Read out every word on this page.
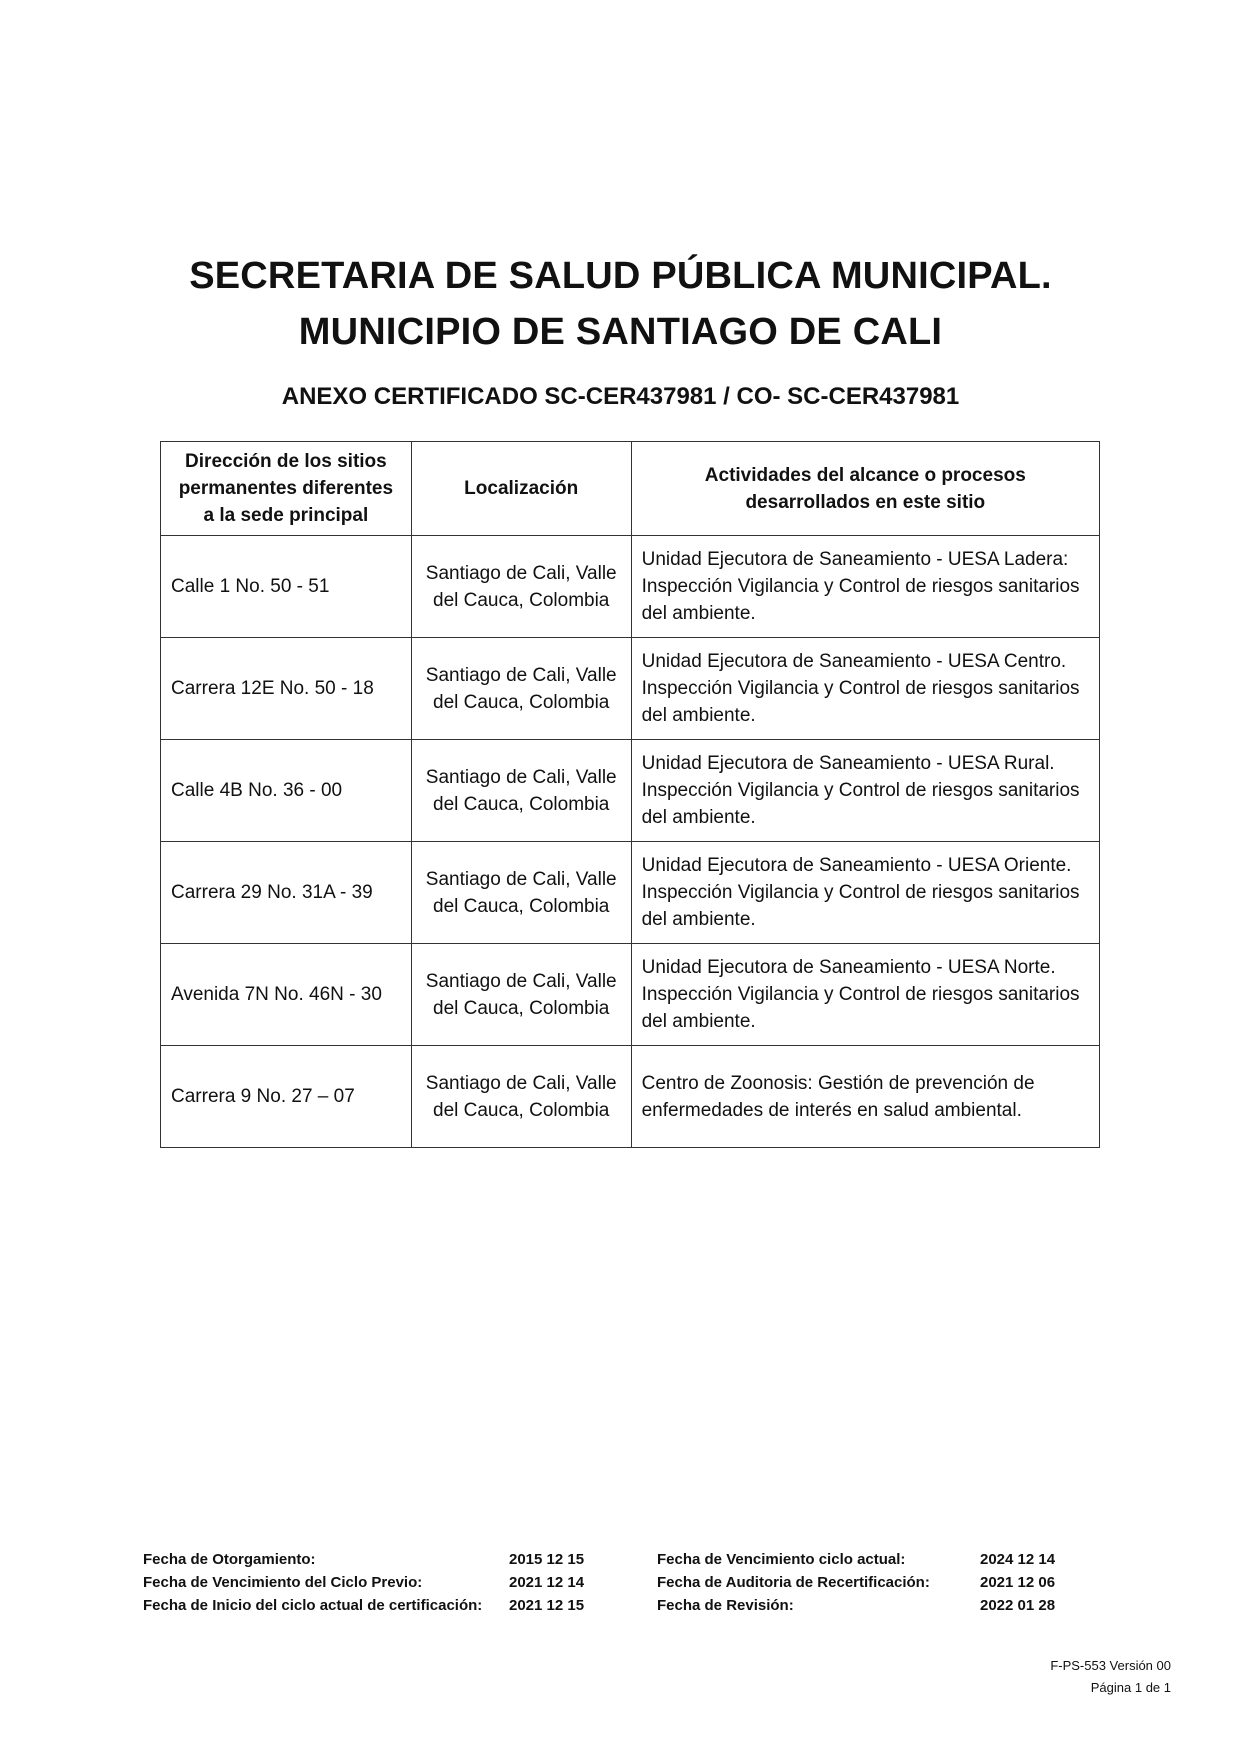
SECRETARIA DE SALUD PÚBLICA MUNICIPAL.
MUNICIPIO DE SANTIAGO DE CALI
ANEXO CERTIFICADO SC-CER437981 / CO- SC-CER437981
Dirección de los sitios permanentes diferentes a la sede principal	Localización	Actividades del alcance o procesos desarrollados en este sitio
Calle 1 No. 50 - 51	Santiago de Cali, Valle del Cauca, Colombia	Unidad Ejecutora de Saneamiento - UESA Ladera: Inspección Vigilancia y Control de riesgos sanitarios del ambiente.
Carrera 12E No. 50 - 18	Santiago de Cali, Valle del Cauca, Colombia	Unidad Ejecutora de Saneamiento - UESA Centro. Inspección Vigilancia y Control de riesgos sanitarios del ambiente.
Calle 4B No. 36 - 00	Santiago de Cali, Valle del Cauca, Colombia	Unidad Ejecutora de Saneamiento - UESA Rural. Inspección Vigilancia y Control de riesgos sanitarios del ambiente.
Carrera 29 No. 31A - 39	Santiago de Cali, Valle del Cauca, Colombia	Unidad Ejecutora de Saneamiento - UESA Oriente. Inspección Vigilancia y Control de riesgos sanitarios del ambiente.
Avenida 7N No. 46N - 30	Santiago de Cali, Valle del Cauca, Colombia	Unidad Ejecutora de Saneamiento - UESA Norte. Inspección Vigilancia y Control de riesgos sanitarios del ambiente.
Carrera 9 No. 27 – 07	Santiago de Cali, Valle del Cauca, Colombia	Centro de Zoonosis: Gestión de prevención de enfermedades de interés en salud ambiental.
Fecha de Otorgamiento:	2015 12 15
Fecha de Vencimiento del Ciclo Previo:	2021 12 14
Fecha de Inicio del ciclo actual de certificación:	2021 12 15
Fecha de Vencimiento ciclo actual:	2024 12 14
Fecha de Auditoria de Recertificación:	2021 12 06
Fecha de Revisión:	2022 01 28
F-PS-553 Versión 00
Página 1 de 1
